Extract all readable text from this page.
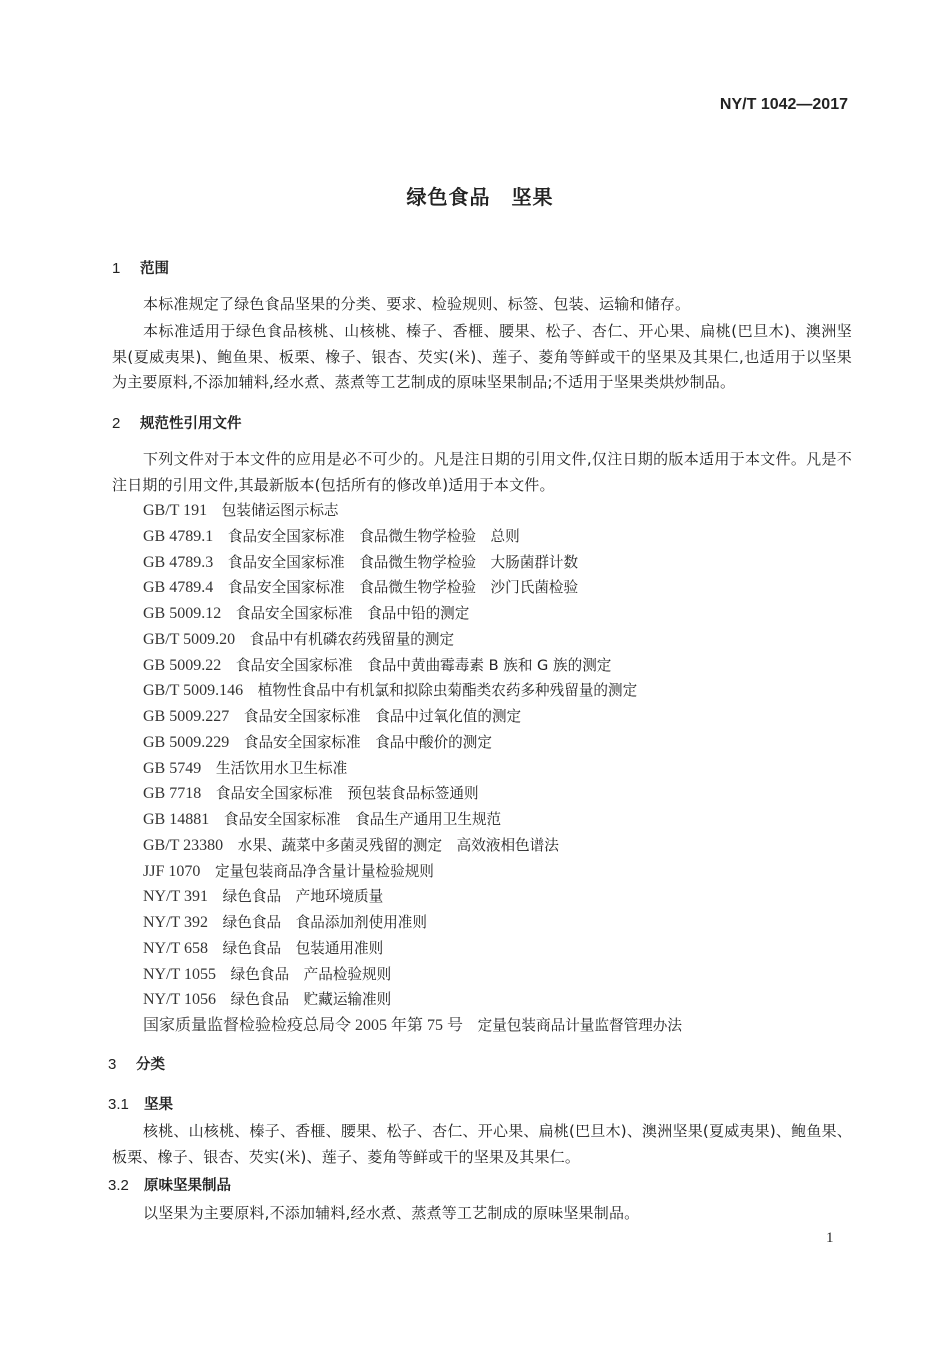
NY/T 1042—2017
绿色食品　坚果
1 范围
本标准规定了绿色食品坚果的分类、要求、检验规则、标签、包装、运输和储存。
本标准适用于绿色食品核桃、山核桃、榛子、香榧、腰果、松子、杏仁、开心果、扁桃(巴旦木)、澳洲坚果(夏威夷果)、鲍鱼果、板栗、橡子、银杏、芡实(米)、莲子、菱角等鲜或干的坚果及其果仁,也适用于以坚果为主要原料,不添加辅料,经水煮、蒸煮等工艺制成的原味坚果制品;不适用于坚果类烘炒制品。
2 规范性引用文件
下列文件对于本文件的应用是必不可少的。凡是注日期的引用文件,仅注日期的版本适用于本文件。凡是不注日期的引用文件,其最新版本(包括所有的修改单)适用于本文件。
GB/T 191　 包装储运图示标志
GB 4789.1　 食品安全国家标准　食品微生物学检验　总则
GB 4789.3　 食品安全国家标准　食品微生物学检验　大肠菌群计数
GB 4789.4　 食品安全国家标准　食品微生物学检验　沙门氏菌检验
GB 5009.12　 食品安全国家标准　食品中铅的测定
GB/T 5009.20　 食品中有机磷农药残留量的测定
GB 5009.22　 食品安全国家标准　食品中黄曲霉毒素 B 族和 G 族的测定
GB/T 5009.146　 植物性食品中有机氯和拟除虫菊酯类农药多种残留量的测定
GB 5009.227　 食品安全国家标准　食品中过氧化值的测定
GB 5009.229　 食品安全国家标准　食品中酸价的测定
GB 5749　 生活饮用水卫生标准
GB 7718　 食品安全国家标准　预包装食品标签通则
GB 14881　 食品安全国家标准　食品生产通用卫生规范
GB/T 23380　 水果、蔬菜中多菌灵残留的测定　高效液相色谱法
JJF 1070　 定量包装商品净含量计量检验规则
NY/T 391　 绿色食品　产地环境质量
NY/T 392　 绿色食品　食品添加剂使用准则
NY/T 658　 绿色食品　包装通用准则
NY/T 1055　 绿色食品　产品检验规则
NY/T 1056　 绿色食品　贮藏运输准则
国家质量监督检验检疫总局令 2005 年第 75 号　 定量包装商品计量监督管理办法
3 分类
3.1 坚果
核桃、山核桃、榛子、香榧、腰果、松子、杏仁、开心果、扁桃(巴旦木)、澳洲坚果(夏威夷果)、鲍鱼果、板栗、橡子、银杏、芡实(米)、莲子、菱角等鲜或干的坚果及其果仁。
3.2 原味坚果制品
以坚果为主要原料,不添加辅料,经水煮、蒸煮等工艺制成的原味坚果制品。
1
